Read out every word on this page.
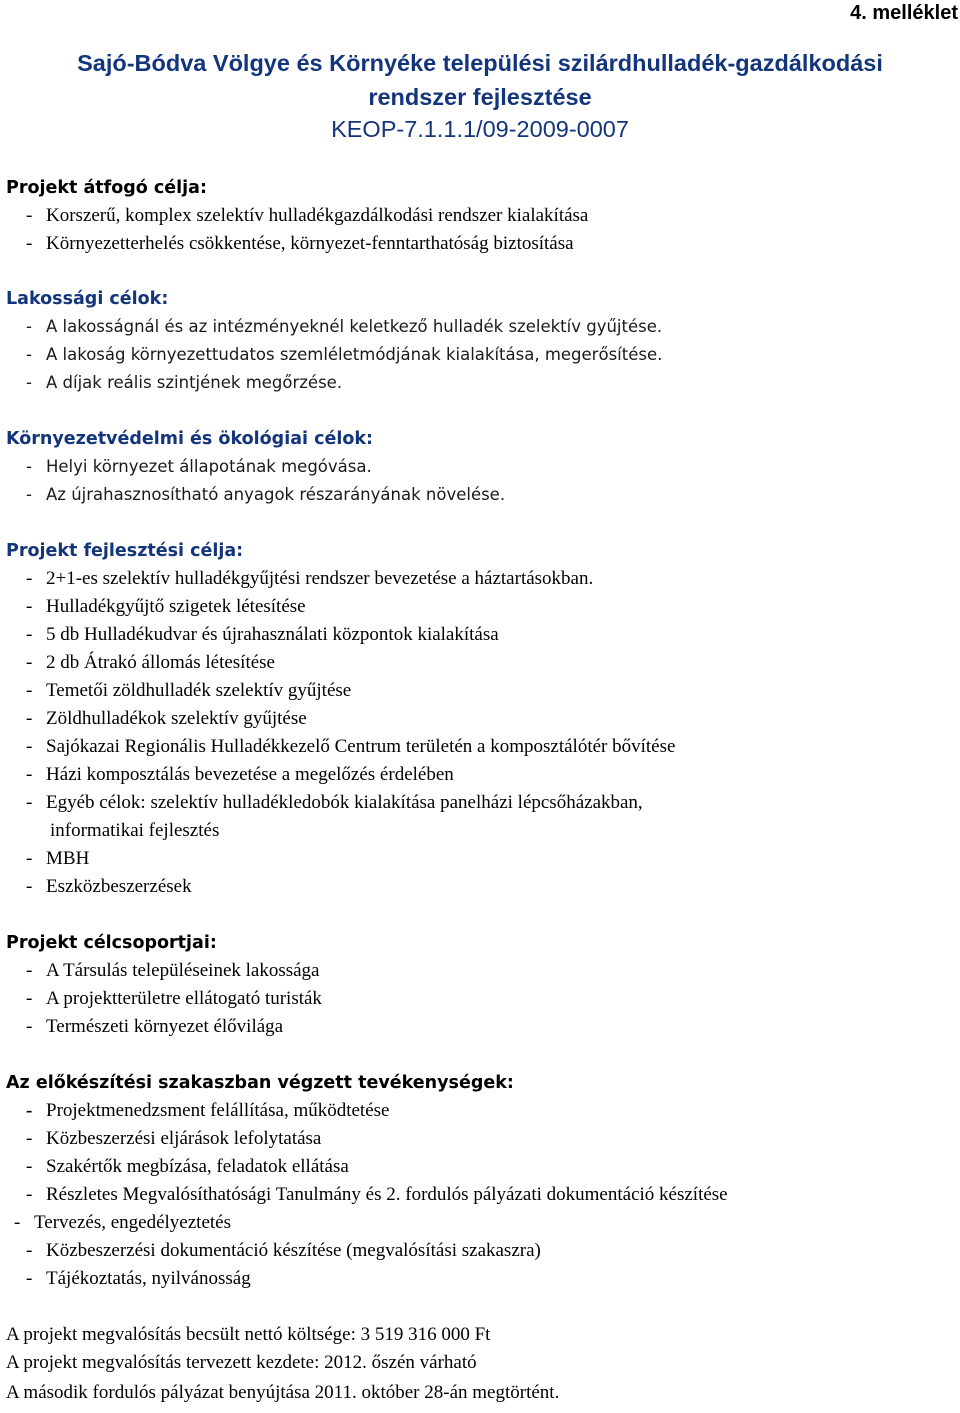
4. melléklet
Sajó-Bódva Völgye és Környéke települési szilárdhulladék-gazdálkodási
rendszer fejlesztése
KEOP-7.1.1.1/09-2009-0007
Projekt átfogó célja:
- Korszerű, komplex szelektív hulladékgazdálkodási rendszer kialakítása
- Környezetterhelés csökkentése, környezet-fenntarthatóság biztosítása
Lakossági célok:
- A lakosságnál és az intézményeknél keletkező hulladék szelektív gyűjtése.
- A lakoság környezettudatos szemléletmódjának kialakítása, megerősítése.
- A díjak reális szintjének megőrzése.
Környezetvédelmi és ökológiai célok:
- Helyi környezet állapotának megóvása.
- Az újrahasznosítható anyagok részarányának növelése.
Projekt fejlesztési célja:
- 2+1-es szelektív hulladékgyűjtési rendszer bevezetése a háztartásokban.
- Hulladékgyűjtő szigetek létesítése
- 5 db Hulladékudvar és újrahasználati központok kialakítása
- 2 db Átrakó állomás létesítése
- Temetői zöldhulladék szelektív gyűjtése
- Zöldhulladékok szelektív gyűjtése
- Sajókazai Regionális Hulladékkezelő Centrum területén a komposztálótér bővítése
- Házi komposztálás bevezetése a megelőzés érdelében
- Egyéb célok: szelektív hulladékledobók kialakítása panelházi lépcsőházakban,
informatikai fejlesztés
- MBH
- Eszközbeszerzések
Projekt célcsoportjai:
- A Társulás településeinek lakossága
- A projektterületre ellátogató turisták
- Természeti környezet élővilága
Az előkészítési szakaszban végzett tevékenységek:
- Projektmenedzsment felállítása, működtetése
- Közbeszerzési eljárások lefolytatása
- Szakértők megbízása, feladatok ellátása
- Részletes Megvalósíthatósági Tanulmány és 2. fordulós pályázati dokumentáció készítése
- Tervezés, engedélyeztetés
- Közbeszerzési dokumentáció készítése (megvalósítási szakaszra)
- Tájékoztatás, nyilvánosság
A projekt megvalósítás becsült nettó költsége: 3 519 316 000 Ft
A projekt megvalósítás tervezett kezdete: 2012. őszén várható
A második fordulós pályázat benyújtása 2011. október 28-án megtörtént.
